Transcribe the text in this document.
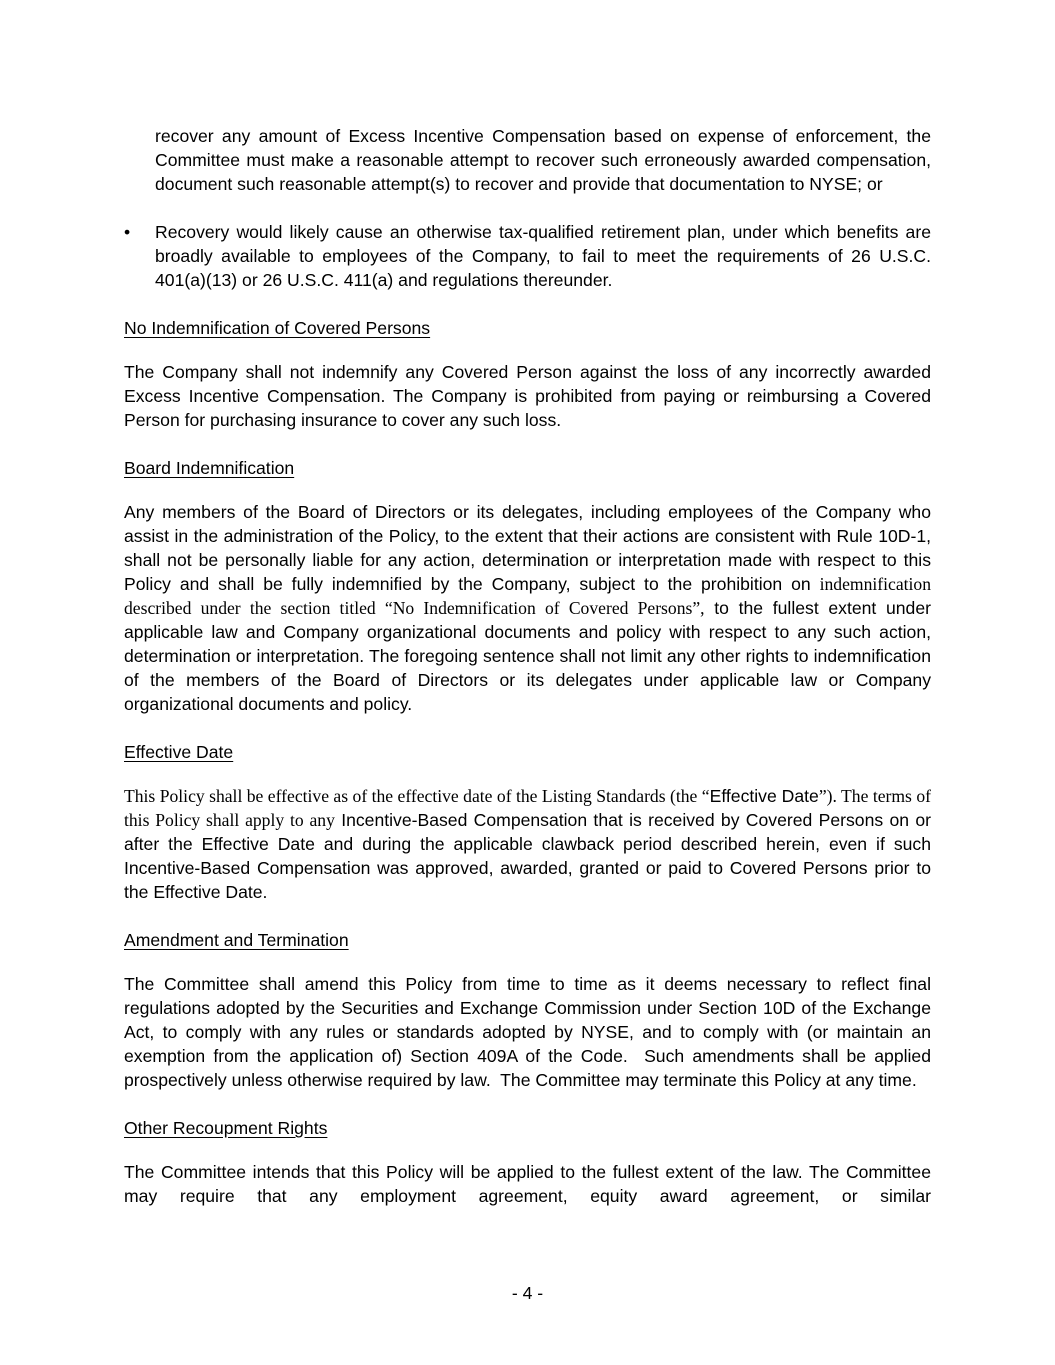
recover any amount of Excess Incentive Compensation based on expense of enforcement, the Committee must make a reasonable attempt to recover such erroneously awarded compensation, document such reasonable attempt(s) to recover and provide that documentation to NYSE; or

•	Recovery would likely cause an otherwise tax-qualified retirement plan, under which benefits are broadly available to employees of the Company, to fail to meet the requirements of 26 U.S.C. 401(a)(13) or 26 U.S.C. 411(a) and regulations thereunder.

No Indemnification of Covered Persons

The Company shall not indemnify any Covered Person against the loss of any incorrectly awarded Excess Incentive Compensation. The Company is prohibited from paying or reimbursing a Covered Person for purchasing insurance to cover any such loss.

Board Indemnification

Any members of the Board of Directors or its delegates, including employees of the Company who assist in the administration of the Policy, to the extent that their actions are consistent with Rule 10D-1, shall not be personally liable for any action, determination or interpretation made with respect to this Policy and shall be fully indemnified by the Company, subject to the prohibition on indemnification described under the section titled “No Indemnification of Covered Persons”, to the fullest extent under applicable law and Company organizational documents and policy with respect to any such action, determination or interpretation. The foregoing sentence shall not limit any other rights to indemnification of the members of the Board of Directors or its delegates under applicable law or Company organizational documents and policy.

Effective Date

This Policy shall be effective as of the effective date of the Listing Standards (the “Effective Date”). The terms of this Policy shall apply to any Incentive-Based Compensation that is received by Covered Persons on or after the Effective Date and during the applicable clawback period described herein, even if such Incentive-Based Compensation was approved, awarded, granted or paid to Covered Persons prior to the Effective Date.

Amendment and Termination

The Committee shall amend this Policy from time to time as it deems necessary to reflect final regulations adopted by the Securities and Exchange Commission under Section 10D of the Exchange Act, to comply with any rules or standards adopted by NYSE, and to comply with (or maintain an exemption from the application of) Section 409A of the Code.  Such amendments shall be applied prospectively unless otherwise required by law.  The Committee may terminate this Policy at any time.

Other Recoupment Rights

The Committee intends that this Policy will be applied to the fullest extent of the law. The Committee may require that any employment agreement, equity award agreement, or similar

- 4 -
